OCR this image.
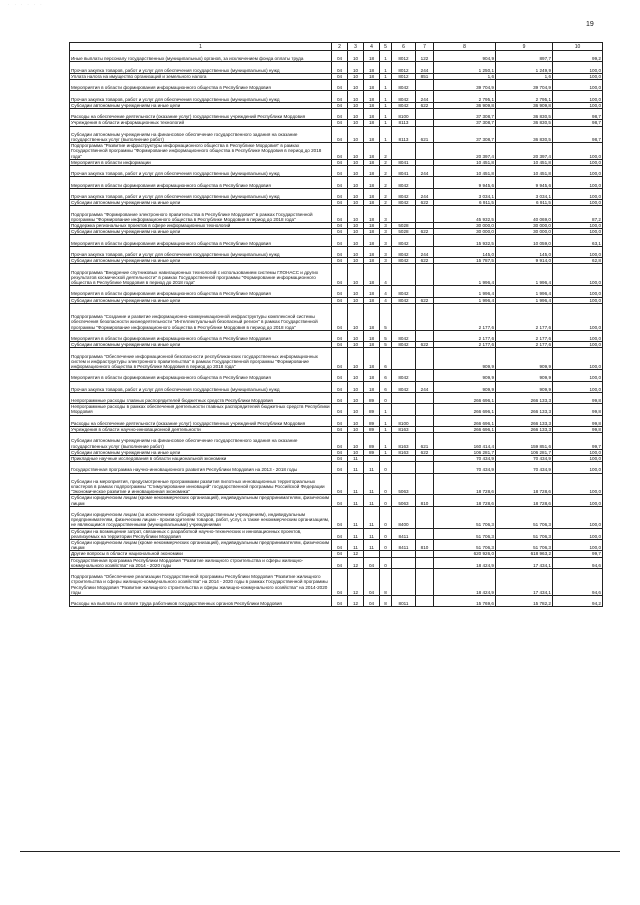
· · · · · ·
19
1	2	3	4	5	6	7	8	9	10
Иные выплаты персоналу государственных (муниципальных) органов, за исключением фонда оплаты труда	04	10	18	1	8012	122	904,9	897,7	99,2
Прочая закупка товаров, работ и услуг для обеспечения государственных (муниципальных) нужд	04	10	18	1	8012	244	1 250,1	1 249,9	100,0
Уплата налога на имущество организаций и земельного налога	04	10	18	1	8012	851	1,6	1,6	100,0
Мероприятия в области формирования информационного общества в Республике Мордовия	04	10	18	1	8042		39 704,9	39 704,9	100,0
Прочая закупка товаров, работ и услуг для обеспечения государственных (муниципальных) нужд	04	10	18	1	8042	244	2 795,1	2 795,1	100,0
Субсидии автономным учреждениям на иные цели	04	10	18	1	8042	622	36 909,8	36 909,8	100,0
Расходы на обеспечение деятельности (оказание услуг) государственных учреждений Республики Мордовия	04	10	18	1	8100		37 308,7	36 830,5	98,7
Учреждения в области информационных технологий	04	10	18	1	8113		37 308,7	36 830,5	98,7
Субсидии автономным учреждениям на финансовое обеспечение государственного задания на оказание государственных услуг (выполнение работ)	04	10	18	1	8113	621	37 308,7	36 830,5	98,7
Подпрограмма "Развитие инфраструктуры информационного общества в Республике Мордовия" в рамках Государственной программы "Формирование информационного общества в Республике Мордовия в период до 2018 года"	04	10	18	2			20 397,4	20 397,4	100,0
Мероприятия в области информации	04	10	18	2	8041		10 451,8	10 451,8	100,0
Прочая закупка товаров, работ и услуг для обеспечения государственных (муниципальных) нужд	04	10	18	2	8041	244	10 451,8	10 451,8	100,0
Мероприятия в области формирования информационного общества в Республике Мордовия	04	10	18	2	8042		9 945,6	9 945,6	100,0
Прочая закупка товаров, работ и услуг для обеспечения государственных (муниципальных) нужд	04	10	18	2	8042	244	3 034,1	3 034,1	100,0
Субсидии автономным учреждениям на иные цели	04	10	18	2	8042	622	6 911,5	6 911,5	100,0
Подпрограмма "Формирование электронного правительства в Республике Мордовия" в рамках Государственной программы "Формирование информационного общества в Республике Мордовия в период до 2018 года"	04	10	18	3			45 932,5	40 069,0	87,2
Поддержка региональных проектов в сфере информационных технологий	04	10	18	3	5028		30 000,0	30 000,0	100,0
Субсидии автономным учреждениям на иные цели	04	10	18	3	5028	622	30 000,0	30 000,0	100,0
Мероприятия в области формирования информационного общества в Республике Мордовия	04	10	18	3	8042		15 932,5	10 059,0	63,1
Прочая закупка товаров, работ и услуг для обеспечения государственных (муниципальных) нужд	04	10	18	3	8042	244	145,0	145,0	100,0
Субсидии автономным учреждениям на иные цели	04	10	18	3	8042	622	15 787,5	9 914,0	62,8
Подпрограмма "Внедрение спутниковых навигационных технологий с использованием системы ГЛОНАСС и других результатов космической деятельности" в рамках Государственной программы "Формирование информационного общества в Республике Мордовия в период до 2018 года"	04	10	18	4			1 996,4	1 996,4	100,0
Мероприятия в области формирования информационного общества в Республике Мордовия	04	10	18	4	8042		1 996,4	1 996,4	100,0
Субсидии автономным учреждениям на иные цели	04	10	18	4	8042	622	1 996,4	1 996,4	100,0
Подпрограмма "Создание и развитие информационно-коммуникационной инфраструктуры комплексной системы обеспечения безопасности жизнедеятельности "Интеллектуальный безопасный регион" в рамках Государственной программы "Формирование информационного общества в Республике Мордовия в период до 2018 года"	04	10	18	5			2 177,6	2 177,6	100,0
Мероприятия в области формирования информационного общества в Республике Мордовия	04	10	18	5	8042		2 177,6	2 177,6	100,0
Субсидии автономным учреждениям на иные цели	04	10	18	5	8042	622	2 177,6	2 177,6	100,0
Подпрограмма "Обеспечение информационной безопасности республиканских государственных информационных систем и инфраструктуры электронного правительства" в рамках Государственной программы "Формирование информационного общества в Республике Мордовия в период до 2018 года"	04	10	18	6			909,9	909,9	100,0
Мероприятия в области формирования информационного общества в Республике Мордовия	04	10	18	6	8042		909,9	909,9	100,0
Прочая закупка товаров, работ и услуг для обеспечения государственных (муниципальных) нужд	04	10	18	6	8042	244	909,9	909,9	100,0
Непрограммные расходы главных распорядителей бюджетных средств Республики Мордовия	04	10	89	0			266 696,1	266 133,3	99,8
Непрограммные расходы в рамках обеспечения деятельности главных распорядителей бюджетных средств Республики Мордовия	04	10	89	1			266 696,1	266 133,3	99,8
Расходы на обеспечение деятельности (оказание услуг) государственных учреждений Республики Мордовия	04	10	89	1	8100		266 696,1	266 133,3	99,8
Учреждения в области научно-инновационной деятельности	04	10	89	1	8163		266 696,1	266 133,3	99,8
Субсидии автономным учреждениям на финансовое обеспечение государственного задания на оказание государственных услуг (выполнение работ)	04	10	89	1	8163	621	160 414,4	159 851,6	99,7
Субсидии автономным учреждениям на иные цели	04	10	89	1	8163	622	106 281,7	106 281,7	100,0
Прикладные научные исследования в области национальной экономики	04	11					70 434,9	70 434,9	100,0
Государственная программа научно-инновационного развития Республики Мордовия на 2013 - 2018 годы	04	11	11	0			70 434,9	70 434,9	100,0
Субсидии на мероприятия, предусмотренные программами развития пилотных инновационных территориальных кластеров в рамках подпрограммы "Стимулирование инноваций" государственной программы Российской Федерации "Экономическое развитие и инновационная экономика"	04	11	11	0	5063		18 728,6	18 728,6	100,0
Субсидии юридическим лицам (кроме некоммерческих организаций), индивидуальным предпринимателям, физическим лицам	04	11	11	0	5063	810	18 728,6	18 728,6	100,0
Субсидии юридическим лицам (за исключением субсидий государственным учреждениям), индивидуальным предпринимателям, физическим лицам - производителям товаров, работ, услуг, а также некоммерческим организациям, не являющимся государственными (муниципальными) учреждениями	04	11	11	0	8400		51 706,3	51 706,3	100,0
Субсидии на возмещение затрат, связанных с разработкой научно-технических и инновационных проектов, реализуемых на территории Республики Мордовия	04	11	11	0	8411		51 706,3	51 706,3	100,0
Субсидии юридическим лицам (кроме некоммерческих организаций), индивидуальным предпринимателям, физическим лицам	04	11	11	0	8411	810	51 706,3	51 706,3	100,0
Другие вопросы в области национальной экономики	04	12					620 926,0	618 963,2	99,7
Государственная программа Республики Мордовия "Развитие жилищного строительства и сферы жилищно-коммунального хозяйства" на 2014 - 2020 годы	04	12	04	0			18 424,9	17 434,1	94,6
Подпрограмма "Обеспечение реализации Государственной программы Республики Мордовия "Развитие жилищного строительства и сферы жилищно-коммунального хозяйства" на 2014 - 2020 годы в рамках Государственной программы Республики Мордовия "Развитие жилищного строительства и сферы жилищно-коммунального хозяйства" на 2014-2020 годы	04	12	04	8			18 424,9	17 434,1	94,6
Расходы на выплаты по оплате труда работников государственных органов Республики Мордовия	04	12	04	8	8011		15 769,6	15 782,2	94,2
